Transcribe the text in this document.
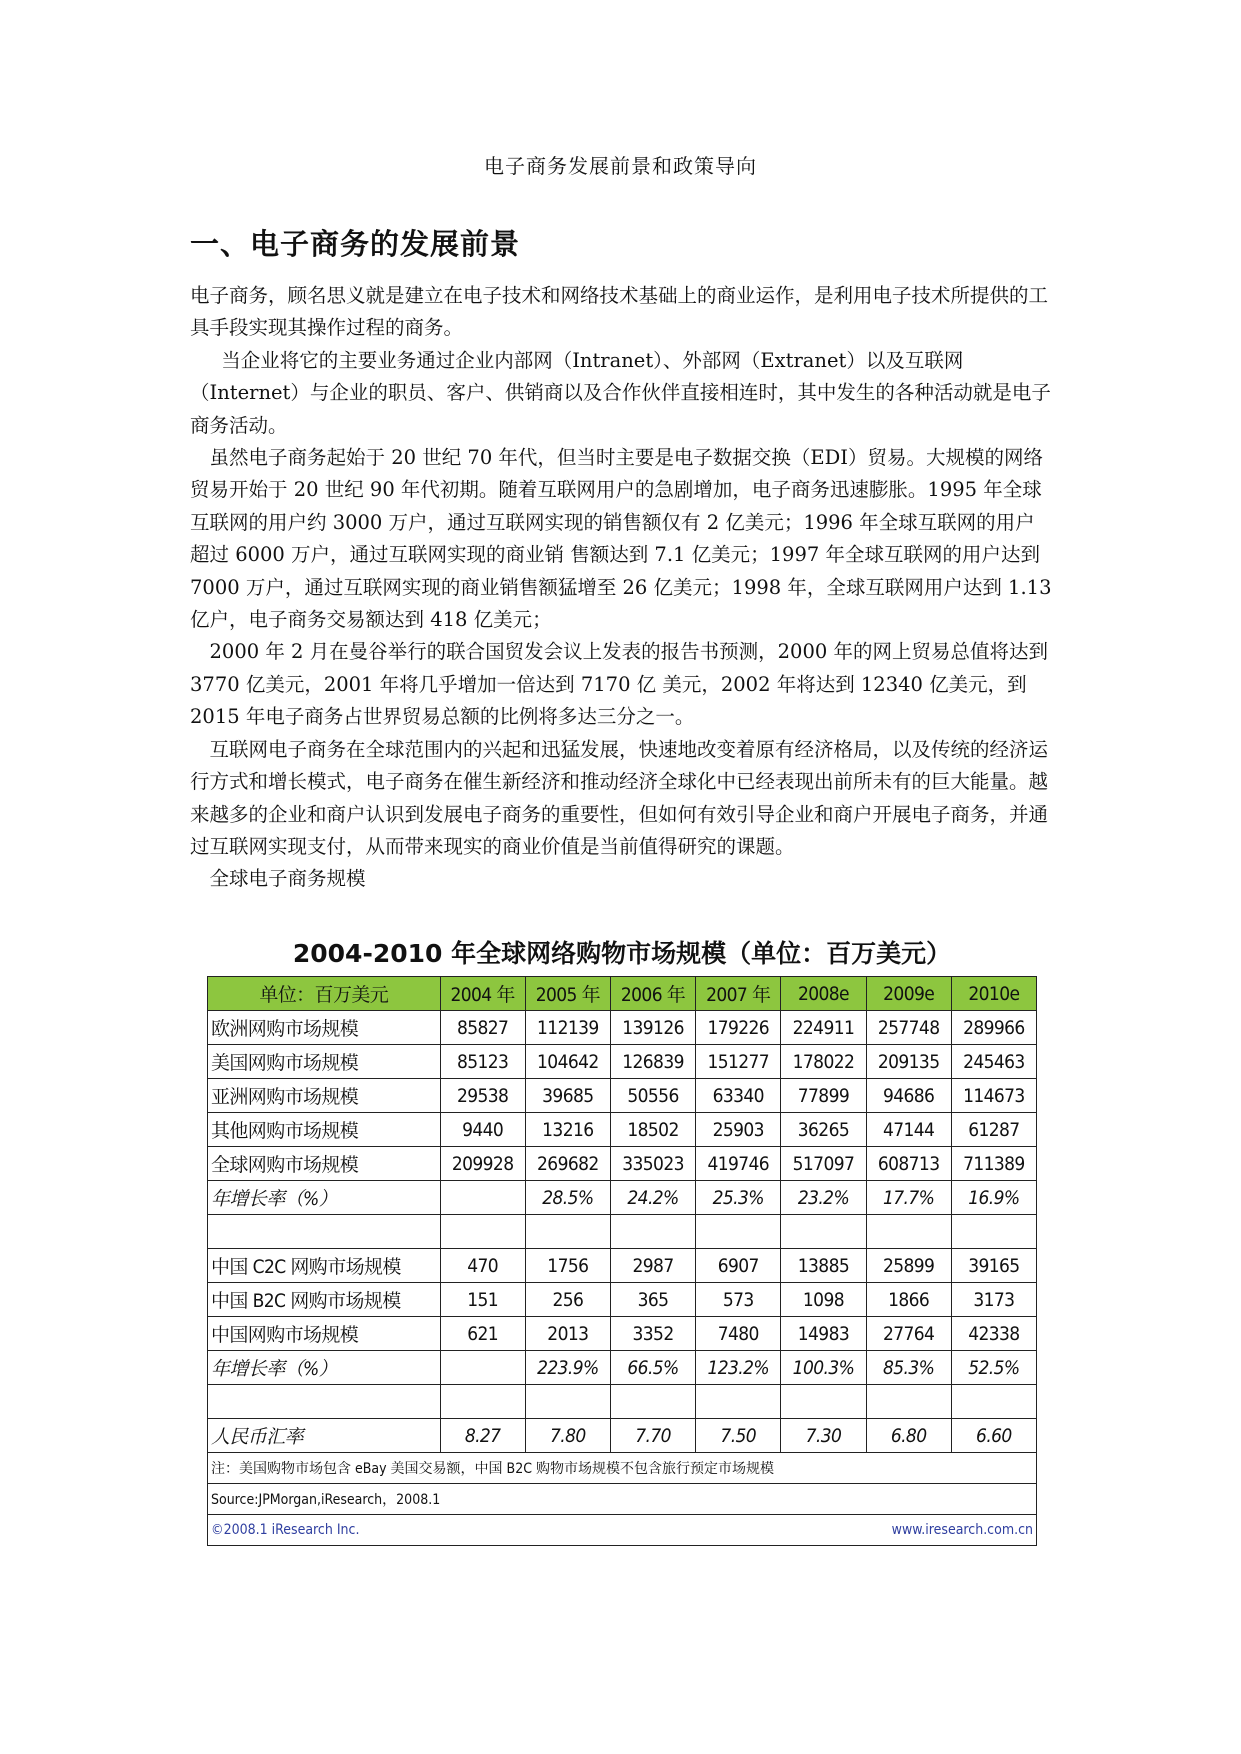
电子商务发展前景和政策导向
一、电子商务的发展前景

电子商务，顾名思义就是建立在电子技术和网络技术基础上的商业运作，是利用电子技术所提供的工具手段实现其操作过程的商务。

当企业将它的主要业务通过企业内部网（Intranet）、外部网（Extranet）以及互联网（Internet）与企业的职员、客户、供销商以及合作伙伴直接相连时，其中发生的各种活动就是电子商务活动。

虽然电子商务起始于 20 世纪 70 年代，但当时主要是电子数据交换（EDI）贸易。大规模的网络贸易开始于 20 世纪 90 年代初期。随着互联网用户的急剧增加，电子商务迅速膨胀。1995 年全球互联网的用户约 3000 万户，通过互联网实现的销售额仅有 2 亿美元；1996 年全球互联网的用户超过 6000 万户，通过互联网实现的商业销 售额达到 7.1 亿美元；1997 年全球互联网的用户达到 7000 万户，通过互联网实现的商业销售额猛增至 26 亿美元；1998 年，全球互联网用户达到 1.13 亿户，电子商务交易额达到 418 亿美元；

2000 年 2 月在曼谷举行的联合国贸发会议上发表的报告书预测，2000 年的网上贸易总值将达到 3770 亿美元，2001 年将几乎增加一倍达到 7170 亿 美元，2002 年将达到 12340 亿美元，到 2015 年电子商务占世界贸易总额的比例将多达三分之一。

互联网电子商务在全球范围内的兴起和迅猛发展，快速地改变着原有经济格局，以及传统的经济运行方式和增长模式，电子商务在催生新经济和推动经济全球化中已经表现出前所未有的巨大能量。越来越多的企业和商户认识到发展电子商务的重要性，但如何有效引导企业和商户开展电子商务，并通过互联网实现支付，从而带来现实的商业价值是当前值得研究的课题。

全球电子商务规模

2004-2010 年全球网络购物市场规模（单位：百万美元）
单位：百万美元	2004 年	2005 年	2006 年	2007 年	2008e	2009e	2010e
欧洲网购市场规模	85827	112139	139126	179226	224911	257748	289966
美国网购市场规模	85123	104642	126839	151277	178022	209135	245463
亚洲网购市场规模	29538	39685	50556	63340	77899	94686	114673
其他网购市场规模	9440	13216	18502	25903	36265	47144	61287
全球网购市场规模	209928	269682	335023	419746	517097	608713	711389
年增长率（%）		28.5%	24.2%	25.3%	23.2%	17.7%	16.9%

中国 C2C 网购市场规模	470	1756	2987	6907	13885	25899	39165
中国 B2C 网购市场规模	151	256	365	573	1098	1866	3173
中国网购市场规模	621	2013	3352	7480	14983	27764	42338
年增长率（%）		223.9%	66.5%	123.2%	100.3%	85.3%	52.5%

人民币汇率	8.27	7.80	7.70	7.50	7.30	6.80	6.60
注：美国购物市场包含 eBay 美国交易额，中国 B2C 购物市场规模不包含旅行预定市场规模							
Source:JPMorgan,iResearch，2008.1							

©2008.1 iResearch Inc. www.iresearch.com.cn							
